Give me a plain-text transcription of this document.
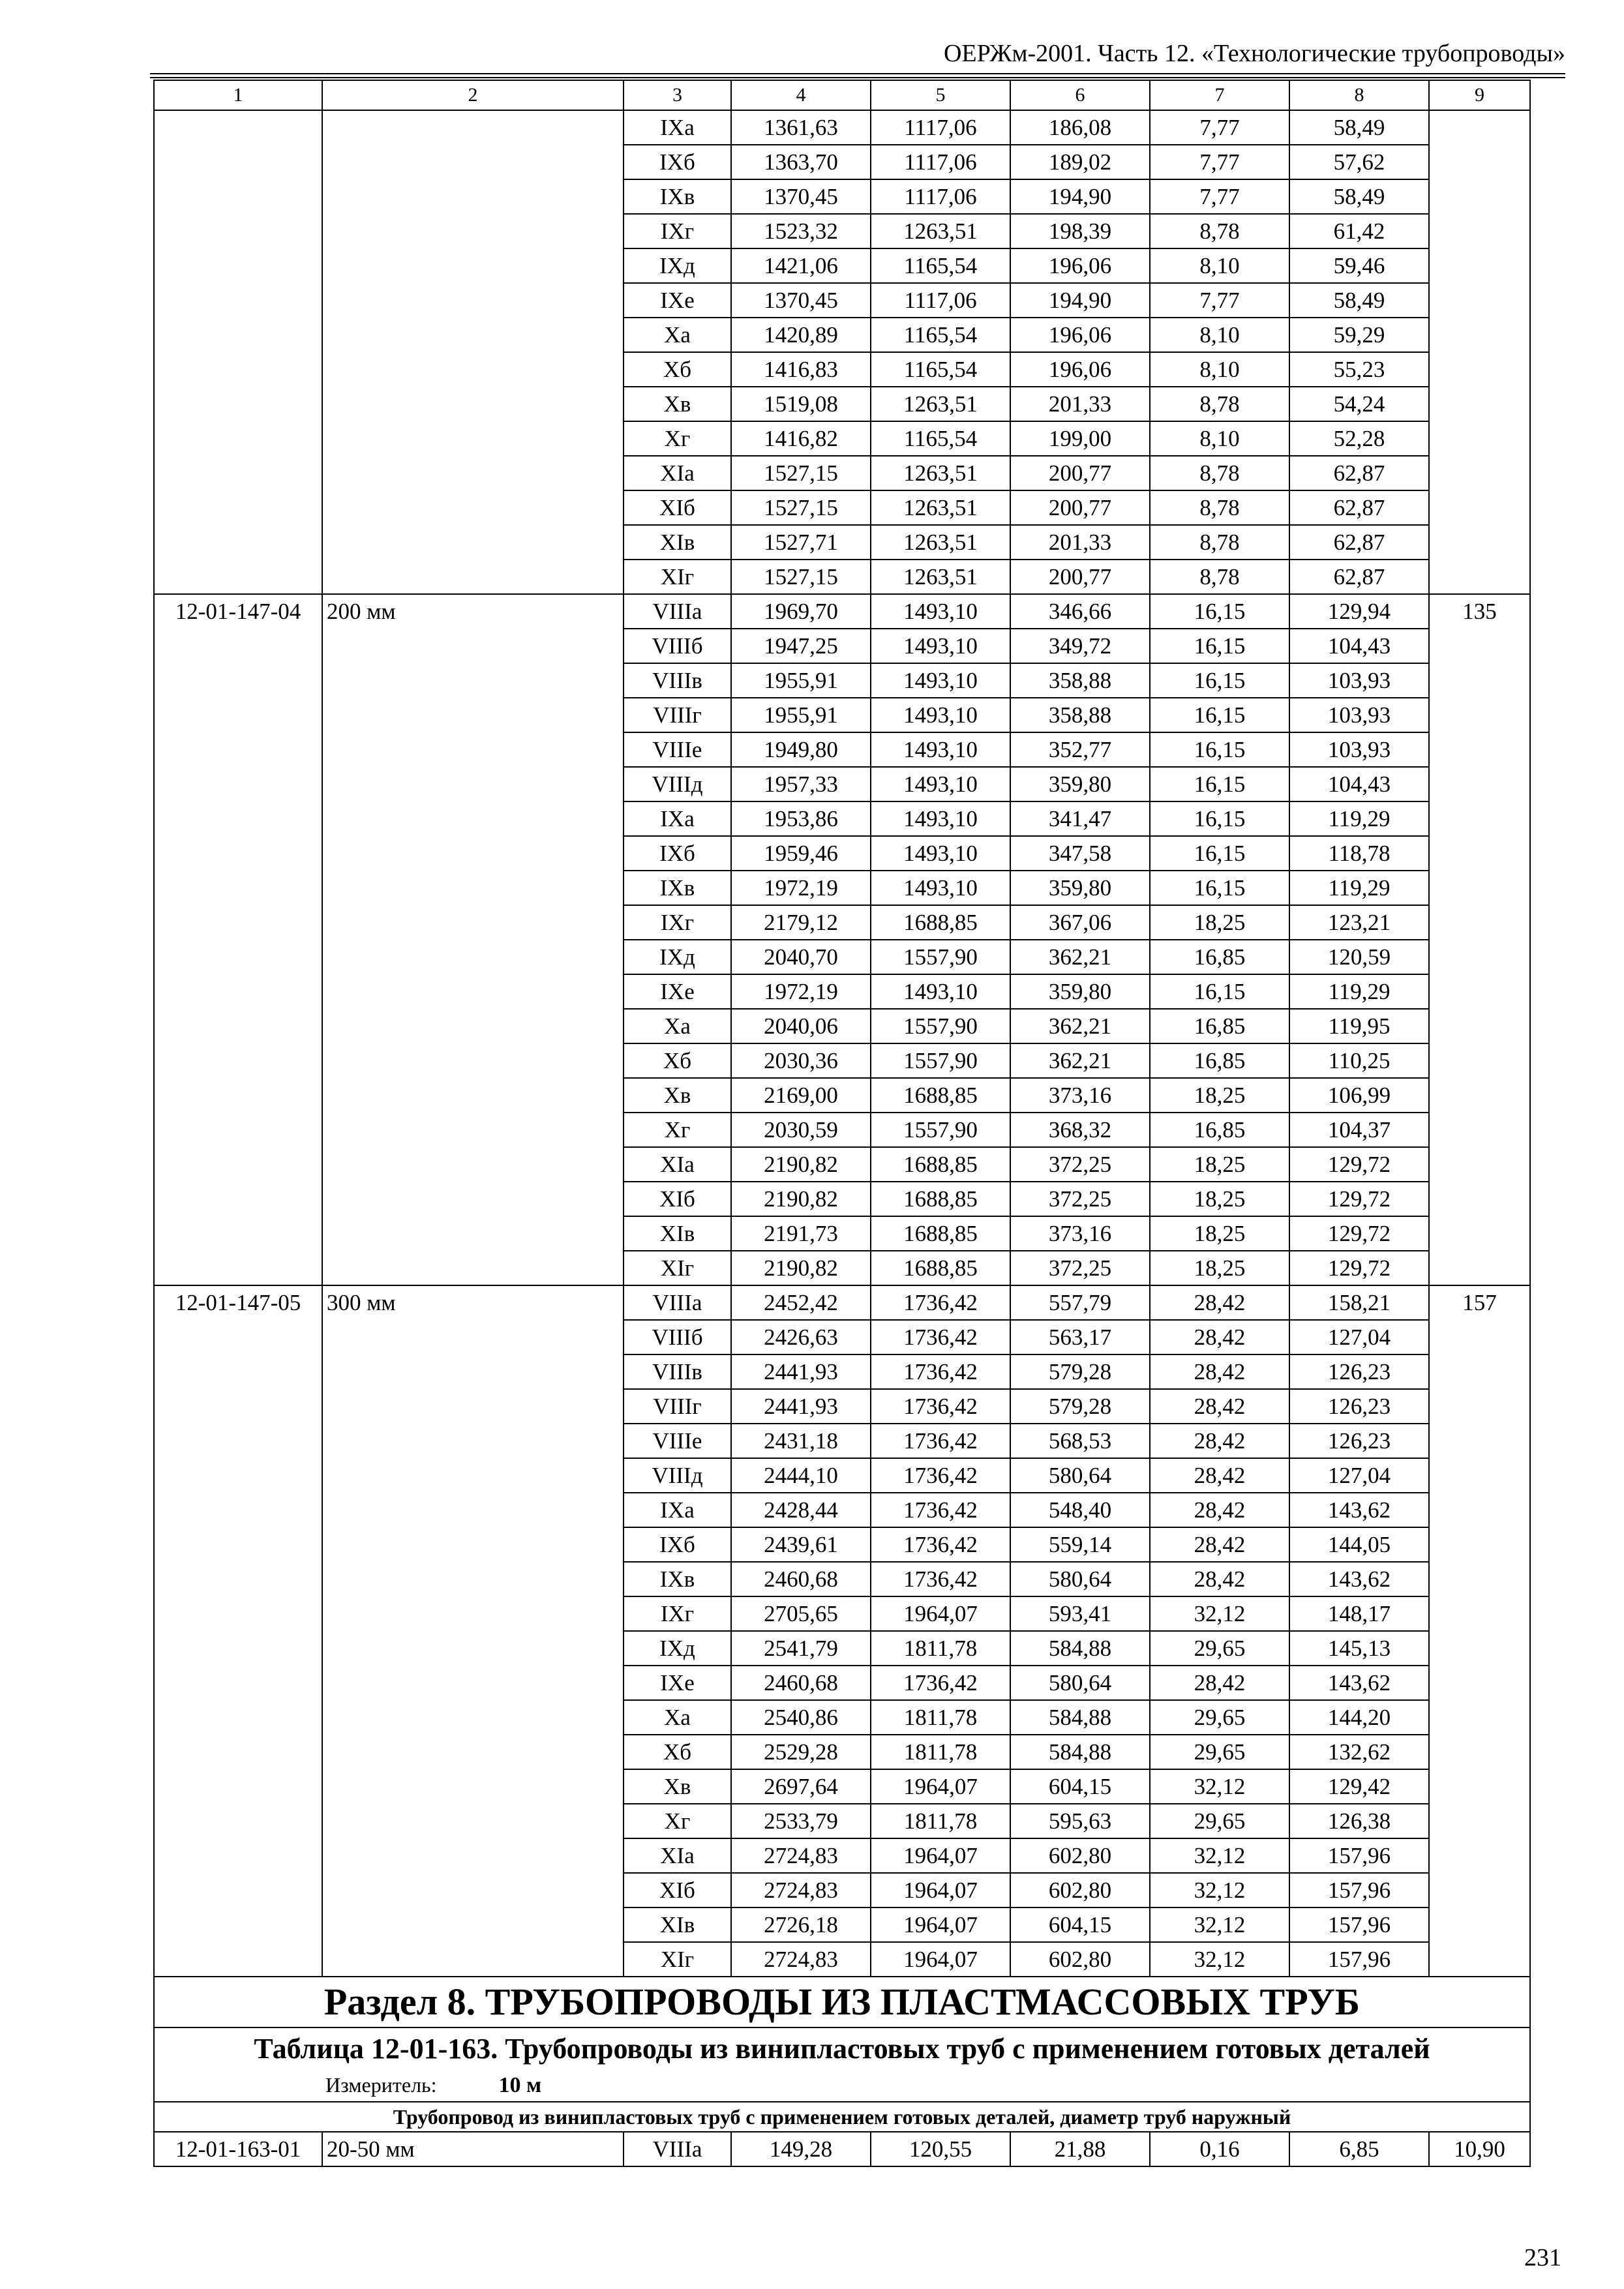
ОЕРЖм-2001. Часть 12. «Технологические трубопроводы»
1	2	3	4	5	6	7	8	9
		IXа	1361,63	1117,06	186,08	7,77	58,49	
		IXб	1363,70	1117,06	189,02	7,77	57,62	
		IXв	1370,45	1117,06	194,90	7,77	58,49	
		IXг	1523,32	1263,51	198,39	8,78	61,42	
		IXд	1421,06	1165,54	196,06	8,10	59,46	
		IXе	1370,45	1117,06	194,90	7,77	58,49	
		Xа	1420,89	1165,54	196,06	8,10	59,29	
		Xб	1416,83	1165,54	196,06	8,10	55,23	
		Xв	1519,08	1263,51	201,33	8,78	54,24	
		Xг	1416,82	1165,54	199,00	8,10	52,28	
		XIа	1527,15	1263,51	200,77	8,78	62,87	
		XIб	1527,15	1263,51	200,77	8,78	62,87	
		XIв	1527,71	1263,51	201,33	8,78	62,87	
		XIг	1527,15	1263,51	200,77	8,78	62,87	
12-01-147-04	200 мм	VIIIа	1969,70	1493,10	346,66	16,15	129,94	135
		VIIIб	1947,25	1493,10	349,72	16,15	104,43	
		VIIIв	1955,91	1493,10	358,88	16,15	103,93	
		VIIIг	1955,91	1493,10	358,88	16,15	103,93	
		VIIIе	1949,80	1493,10	352,77	16,15	103,93	
		VIIIд	1957,33	1493,10	359,80	16,15	104,43	
		IXа	1953,86	1493,10	341,47	16,15	119,29	
		IXб	1959,46	1493,10	347,58	16,15	118,78	
		IXв	1972,19	1493,10	359,80	16,15	119,29	
		IXг	2179,12	1688,85	367,06	18,25	123,21	
		IXд	2040,70	1557,90	362,21	16,85	120,59	
		IXе	1972,19	1493,10	359,80	16,15	119,29	
		Xа	2040,06	1557,90	362,21	16,85	119,95	
		Xб	2030,36	1557,90	362,21	16,85	110,25	
		Xв	2169,00	1688,85	373,16	18,25	106,99	
		Xг	2030,59	1557,90	368,32	16,85	104,37	
		XIа	2190,82	1688,85	372,25	18,25	129,72	
		XIб	2190,82	1688,85	372,25	18,25	129,72	
		XIв	2191,73	1688,85	373,16	18,25	129,72	
		XIг	2190,82	1688,85	372,25	18,25	129,72	
12-01-147-05	300 мм	VIIIа	2452,42	1736,42	557,79	28,42	158,21	157
		VIIIб	2426,63	1736,42	563,17	28,42	127,04	
		VIIIв	2441,93	1736,42	579,28	28,42	126,23	
		VIIIг	2441,93	1736,42	579,28	28,42	126,23	
		VIIIе	2431,18	1736,42	568,53	28,42	126,23	
		VIIIд	2444,10	1736,42	580,64	28,42	127,04	
		IXа	2428,44	1736,42	548,40	28,42	143,62	
		IXб	2439,61	1736,42	559,14	28,42	144,05	
		IXв	2460,68	1736,42	580,64	28,42	143,62	
		IXг	2705,65	1964,07	593,41	32,12	148,17	
		IXд	2541,79	1811,78	584,88	29,65	145,13	
		IXе	2460,68	1736,42	580,64	28,42	143,62	
		Xа	2540,86	1811,78	584,88	29,65	144,20	
		Xб	2529,28	1811,78	584,88	29,65	132,62	
		Xв	2697,64	1964,07	604,15	32,12	129,42	
		Xг	2533,79	1811,78	595,63	29,65	126,38	
		XIа	2724,83	1964,07	602,80	32,12	157,96	
		XIб	2724,83	1964,07	602,80	32,12	157,96	
		XIв	2726,18	1964,07	604,15	32,12	157,96	
		XIг	2724,83	1964,07	602,80	32,12	157,96	
Раздел 8. ТРУБОПРОВОДЫ ИЗ ПЛАСТМАССОВЫХ ТРУБ								
Таблица 12-01-163. Трубопроводы из винипластовых труб с применением готовых деталей								
Измеритель: 10 м								
Трубопровод из винипластовых труб с применением готовых деталей, диаметр труб наружный								
12-01-163-01	20-50 мм	VIIIа	149,28	120,55	21,88	0,16	6,85	10,90
231
